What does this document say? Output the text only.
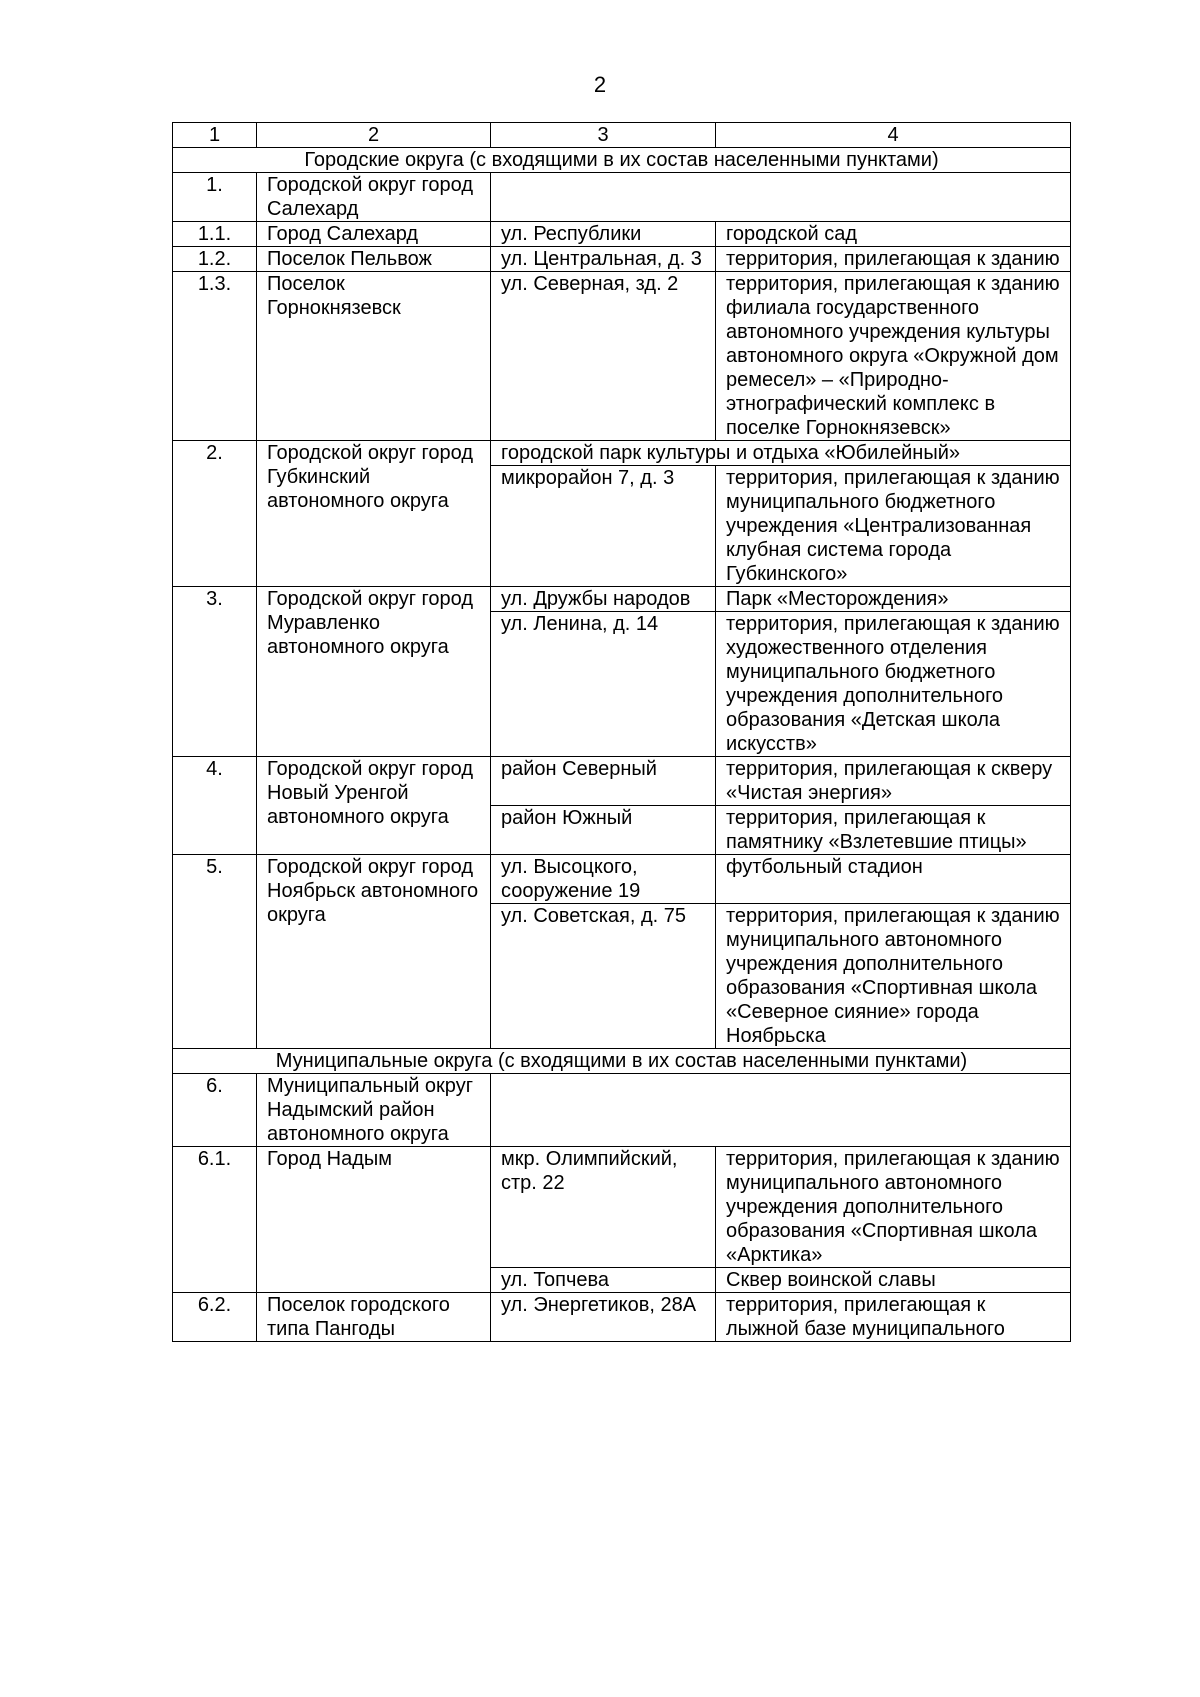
2
1	2	3	4
Городские округа (с входящими в их состав населенными пунктами)			
1.	Городской округ город Салехард		
1.1.	Город Салехард	ул. Республики	городской сад
1.2.	Поселок Пельвож	ул. Центральная, д. 3	территория, прилегающая к зданию
1.3.	Поселок Горнокнязевск	ул. Северная, зд. 2	территория, прилегающая к зданию филиала государственного автономного учреждения культуры автономного округа «Окружной дом ремесел» – «Природно-этнографический комплекс в поселке Горнокнязевск»
2.	Городской округ город Губкинский автономного округа	городской парк культуры и отдыха «Юбилейный»	
		микрорайон 7, д. 3	территория, прилегающая к зданию муниципального бюджетного учреждения «Централизованная клубная система города Губкинского»
3.	Городской округ город Муравленко автономного округа	ул. Дружбы народов	Парк «Месторождения»
		ул. Ленина, д. 14	территория, прилегающая к зданию художественного отделения муниципального бюджетного учреждения дополнительного образования «Детская школа искусств»
4.	Городской округ город Новый Уренгой автономного округа	район Северный	территория, прилегающая к скверу «Чистая энергия»
		район Южный	территория, прилегающая к памятнику «Взлетевшие птицы»
5.	Городской округ город Ноябрьск автономного округа	ул. Высоцкого, сооружение 19	футбольный стадион
		ул. Советская, д. 75	территория, прилегающая к зданию муниципального автономного учреждения дополнительного образования «Спортивная школа «Северное сияние» города Ноябрьска
Муниципальные округа (с входящими в их состав населенными пунктами)			
6.	Муниципальный округ Надымский район автономного округа		
6.1.	Город Надым	мкр. Олимпийский, стр. 22	территория, прилегающая к зданию муниципального автономного учреждения дополнительного образования «Спортивная школа «Арктика»
		ул. Топчева	Сквер воинской славы
6.2.	Поселок городского типа Пангоды	ул. Энергетиков, 28А	территория, прилегающая к лыжной базе муниципального
